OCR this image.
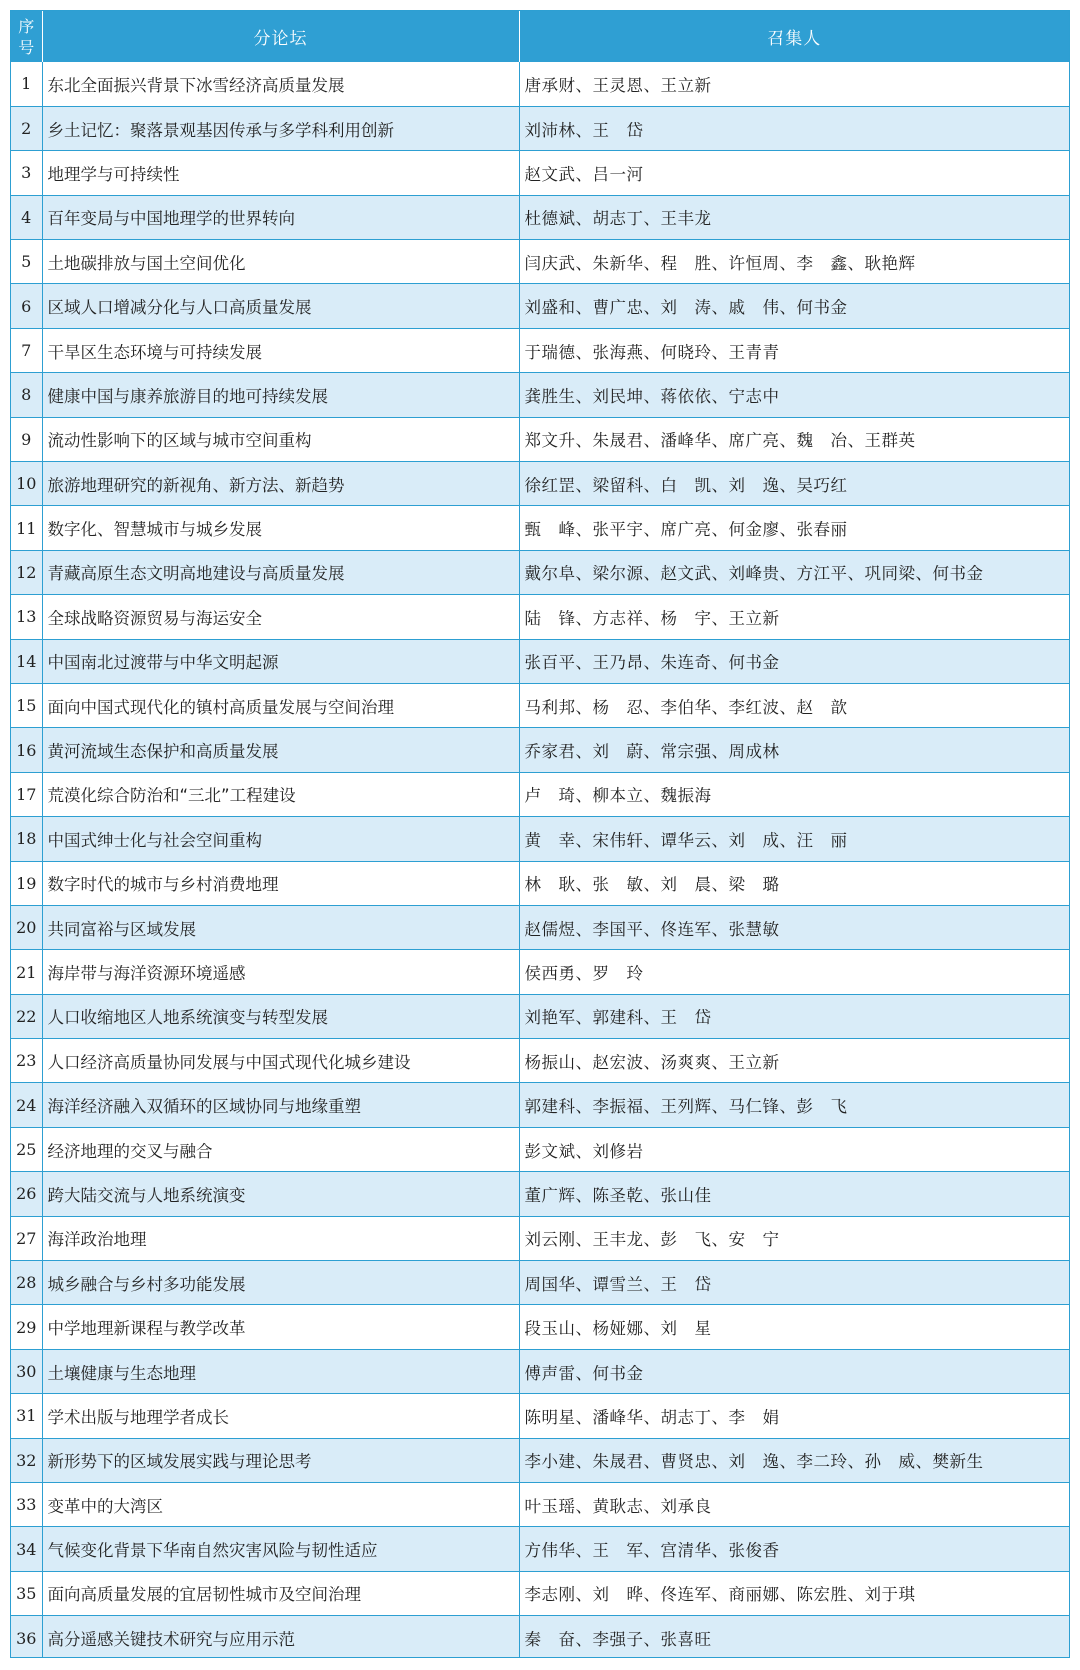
序
号	分论坛	召集人
1	东北全面振兴背景下冰雪经济高质量发展	唐承财、王灵恩、王立新
2	乡土记忆：聚落景观基因传承与多学科利用创新	刘沛林、王　岱
3	地理学与可持续性	赵文武、吕一河
4	百年变局与中国地理学的世界转向	杜德斌、胡志丁、王丰龙
5	土地碳排放与国土空间优化	闫庆武、朱新华、程　胜、许恒周、李　鑫、耿艳辉
6	区域人口增减分化与人口高质量发展	刘盛和、曹广忠、刘　涛、戚　伟、何书金
7	干旱区生态环境与可持续发展	于瑞德、张海燕、何晓玲、王青青
8	健康中国与康养旅游目的地可持续发展	龚胜生、刘民坤、蒋依依、宁志中
9	流动性影响下的区域与城市空间重构	郑文升、朱晟君、潘峰华、席广亮、魏　冶、王群英
10	旅游地理研究的新视角、新方法、新趋势	徐红罡、梁留科、白　凯、刘　逸、吴巧红
11	数字化、智慧城市与城乡发展	甄　峰、张平宇、席广亮、何金廖、张春丽
12	青藏高原生态文明高地建设与高质量发展	戴尔阜、梁尔源、赵文武、刘峰贵、方江平、巩同梁、何书金
13	全球战略资源贸易与海运安全	陆　锋、方志祥、杨　宇、王立新
14	中国南北过渡带与中华文明起源	张百平、王乃昂、朱连奇、何书金
15	面向中国式现代化的镇村高质量发展与空间治理	马利邦、杨　忍、李伯华、李红波、赵　歆
16	黄河流域生态保护和高质量发展	乔家君、刘　蔚、常宗强、周成林
17	荒漠化综合防治和“三北”工程建设	卢　琦、柳本立、魏振海
18	中国式绅士化与社会空间重构	黄　幸、宋伟轩、谭华云、刘　成、汪　丽
19	数字时代的城市与乡村消费地理	林　耿、张　敏、刘　晨、梁　璐
20	共同富裕与区域发展	赵儒煜、李国平、佟连军、张慧敏
21	海岸带与海洋资源环境遥感	侯西勇、罗　玲
22	人口收缩地区人地系统演变与转型发展	刘艳军、郭建科、王　岱
23	人口经济高质量协同发展与中国式现代化城乡建设	杨振山、赵宏波、汤爽爽、王立新
24	海洋经济融入双循环的区域协同与地缘重塑	郭建科、李振福、王列辉、马仁锋、彭　飞
25	经济地理的交叉与融合	彭文斌、刘修岩
26	跨大陆交流与人地系统演变	董广辉、陈圣乾、张山佳
27	海洋政治地理	刘云刚、王丰龙、彭　飞、安　宁
28	城乡融合与乡村多功能发展	周国华、谭雪兰、王　岱
29	中学地理新课程与教学改革	段玉山、杨娅娜、刘　星
30	土壤健康与生态地理	傅声雷、何书金
31	学术出版与地理学者成长	陈明星、潘峰华、胡志丁、李　娟
32	新形势下的区域发展实践与理论思考	李小建、朱晟君、曹贤忠、刘　逸、李二玲、孙　威、樊新生
33	变革中的大湾区	叶玉瑶、黄耿志、刘承良
34	气候变化背景下华南自然灾害风险与韧性适应	方伟华、王　军、宫清华、张俊香
35	面向高质量发展的宜居韧性城市及空间治理	李志刚、刘　晔、佟连军、商丽娜、陈宏胜、刘于琪
36	高分遥感关键技术研究与应用示范	秦　奋、李强子、张喜旺
